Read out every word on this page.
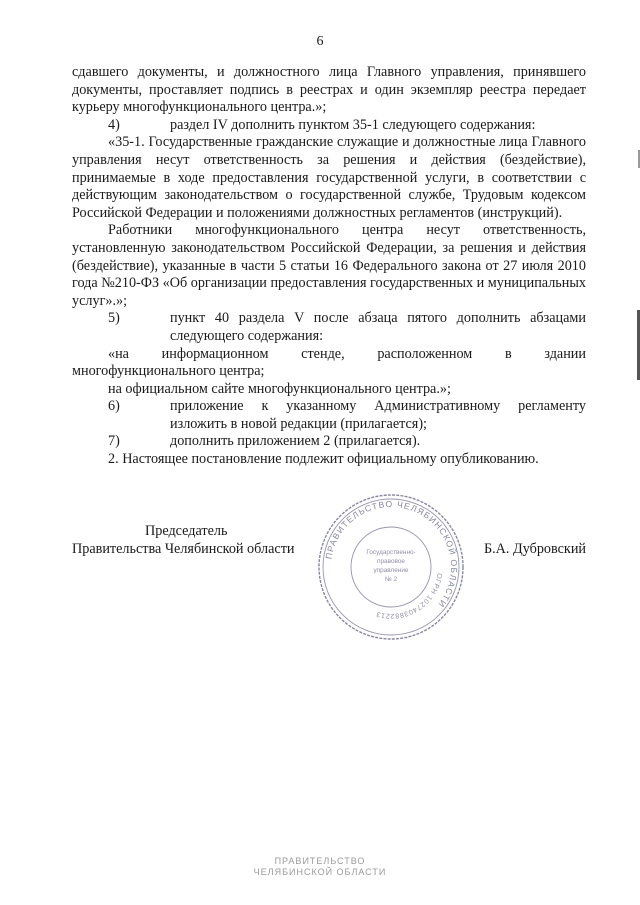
6

сдавшего документы, и должностного лица Главного управления, принявшего документы, проставляет подпись в реестрах и один экземпляр реестра передает курьеру многофункционального центра.»;

4)	раздел IV дополнить пунктом 35-1 следующего содержания:

«35-1. Государственные гражданские служащие и должностные лица Главного управления несут ответственность за решения и действия (бездействие), принимаемые в ходе предоставления государственной услуги, в соответствии с действующим законодательством о государственной службе, Трудовым кодексом Российской Федерации и положениями должностных регламентов (инструкций).

Работники многофункционального центра несут ответственность, установленную законодательством Российской Федерации, за решения и действия (бездействие), указанные в части 5 статьи 16 Федерального закона от 27 июля 2010 года №210-ФЗ «Об организации предоставления государственных и муниципальных услуг».»;

5)	пункт 40 раздела V после абзаца пятого дополнить абзацами следующего содержания:

«на информационном стенде, расположенном в здании многофункционального центра;

на официальном сайте многофункционального центра.»;

6)	приложение к указанному Административному регламенту изложить в новой редакции (прилагается);

7)	дополнить приложением 2 (прилагается).

2. Настоящее постановление подлежит официальному опубликованию.

Председатель
Правительства Челябинской области	Б.А. Дубровский
ПРАВИТЕЛЬСТВО ЧЕЛЯБИНСКОЙ ОБЛАСТИ
ОГРН 1027403882213
Государственно-
правовое
управление
№ 2
ПРАВИТЕЛЬСТВО
ЧЕЛЯБИНСКОЙ ОБЛАСТИ
